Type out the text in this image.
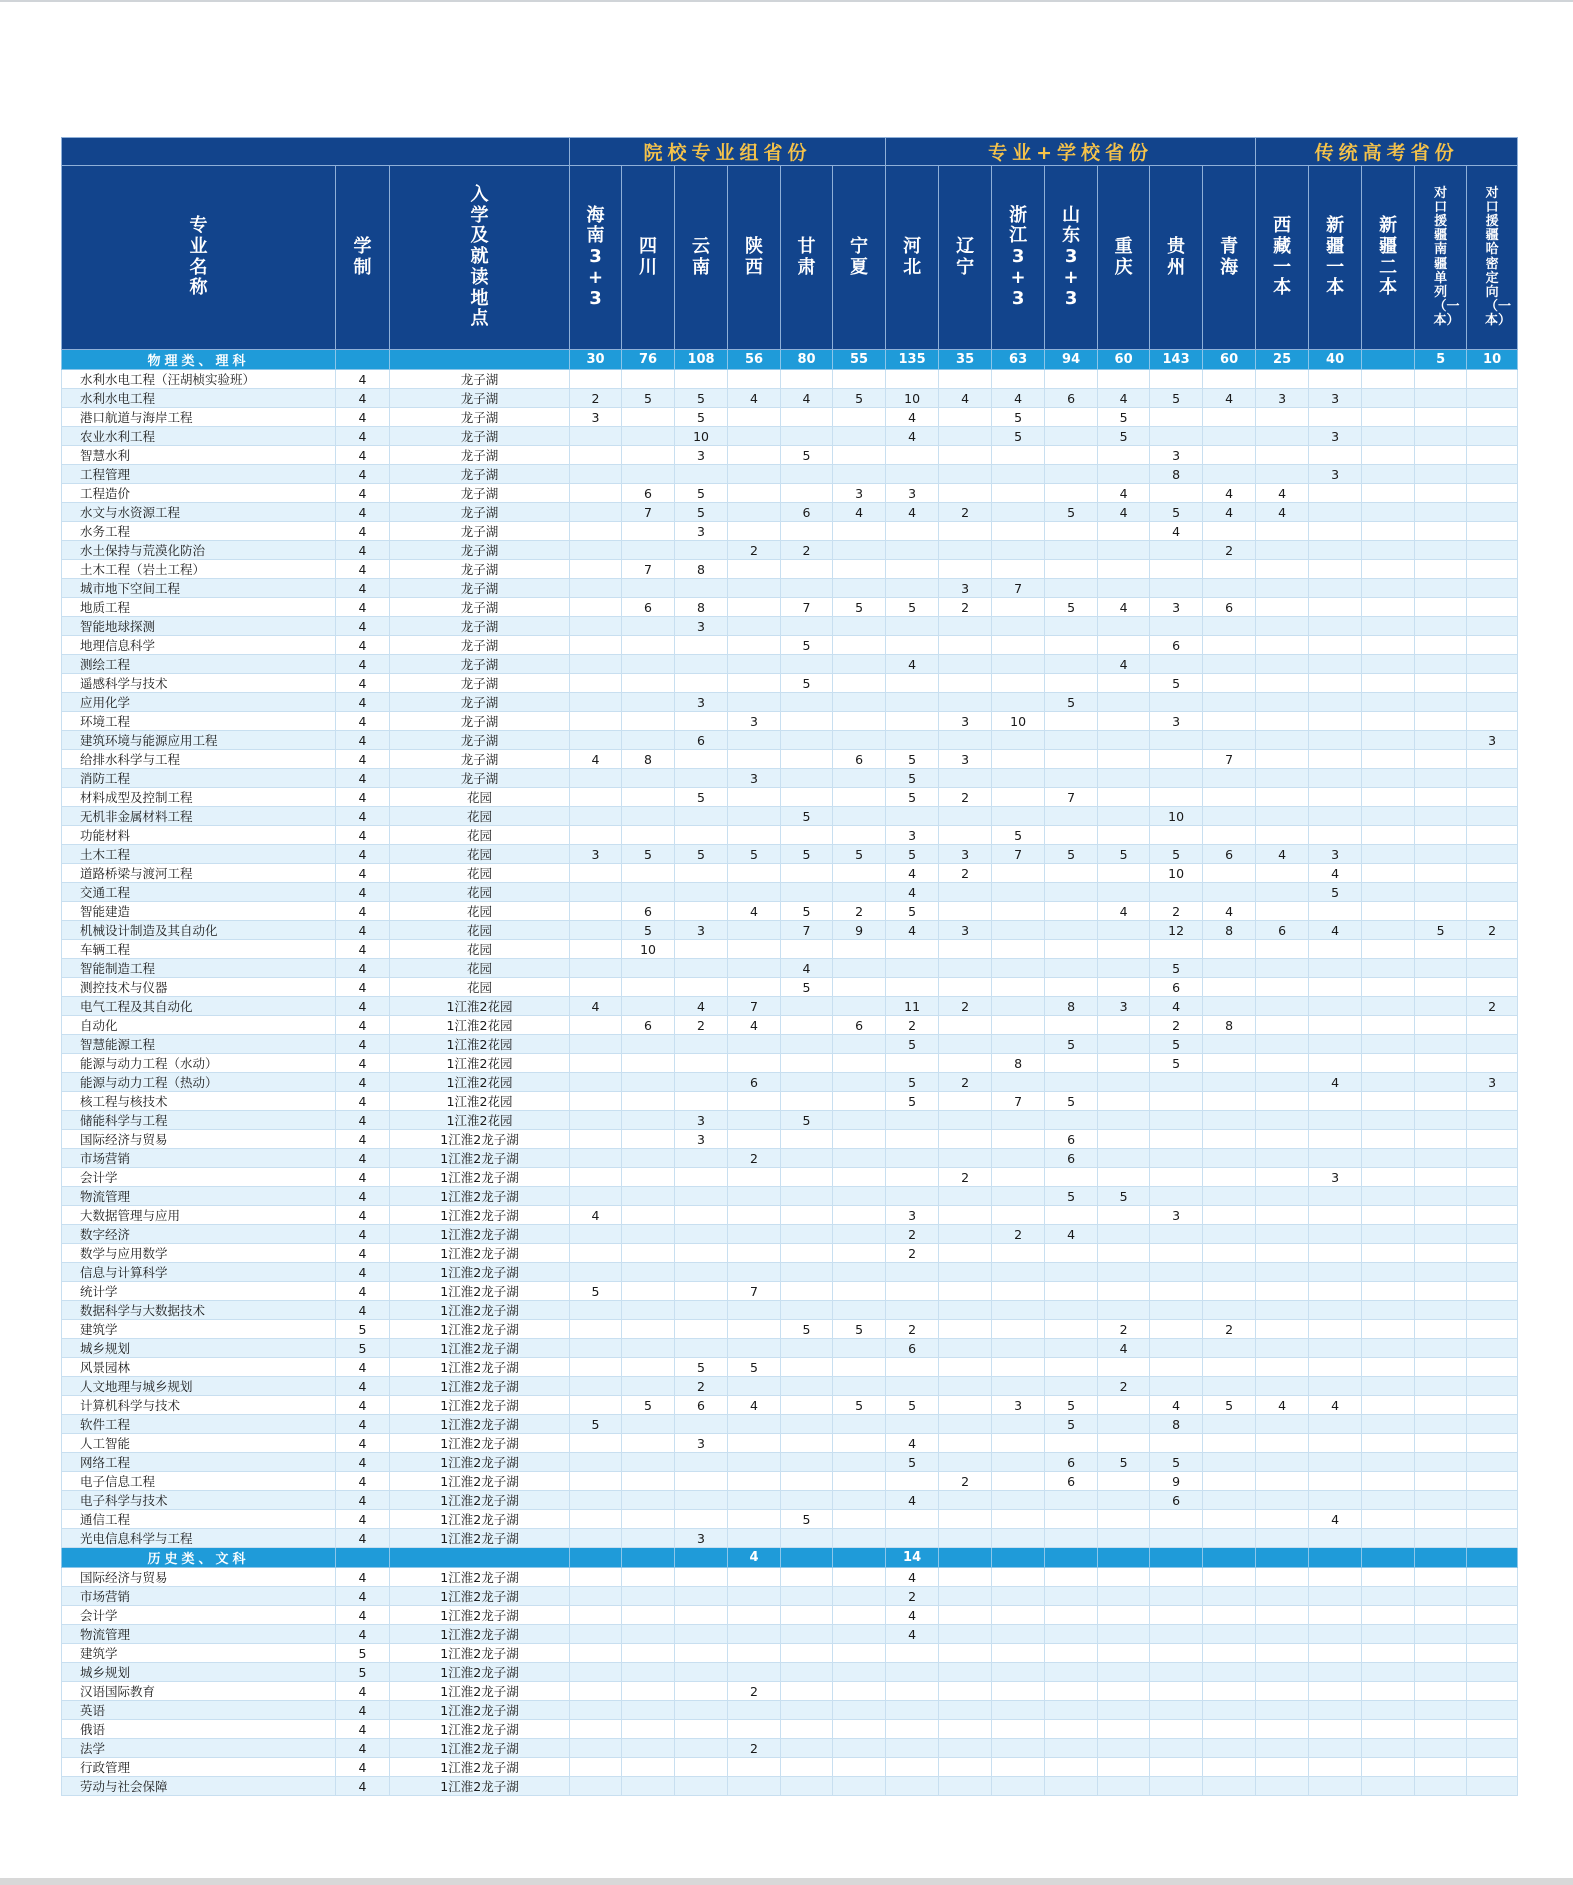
			院校专业组省份						专业+学校省份							传统高考省份				
专业名称	学制	入学及就读地点	海南3+3	四川	云南	陕西	甘肃	宁夏	河北	辽宁	浙江3+3	山东3+3	重庆	贵州	青海	西藏一本	新疆一本	新疆二本	对口援疆南疆单列（一本）	对口援疆哈密定向（一本）
物理类、理科			30	76	108	56	80	55	135	35	63	94	60	143	60	25	40		5	10
水利水电工程（汪胡桢实验班）	4	龙子湖																		
水利水电工程	4	龙子湖	2	5	5	4	4	5	10	4	4	6	4	5	4	3	3			
港口航道与海岸工程	4	龙子湖	3		5				4		5		5							
农业水利工程	4	龙子湖			10				4		5		5				3			
智慧水利	4	龙子湖			3		5							3						
工程管理	4	龙子湖												8			3			
工程造价	4	龙子湖		6	5			3	3				4		4	4				
水文与水资源工程	4	龙子湖		7	5		6	4	4	2		5	4	5	4	4				
水务工程	4	龙子湖			3									4						
水土保持与荒漠化防治	4	龙子湖				2	2								2					
土木工程（岩土工程）	4	龙子湖		7	8															
城市地下空间工程	4	龙子湖								3	7									
地质工程	4	龙子湖		6	8		7	5	5	2		5	4	3	6					
智能地球探测	4	龙子湖			3															
地理信息科学	4	龙子湖					5							6						
测绘工程	4	龙子湖							4				4							
遥感科学与技术	4	龙子湖					5							5						
应用化学	4	龙子湖			3							5								
环境工程	4	龙子湖				3				3	10			3						
建筑环境与能源应用工程	4	龙子湖			6															3
给排水科学与工程	4	龙子湖	4	8				6	5	3					7					
消防工程	4	龙子湖				3			5											
材料成型及控制工程	4	花园			5				5	2		7								
无机非金属材料工程	4	花园					5							10						
功能材料	4	花园							3		5									
土木工程	4	花园	3	5	5	5	5	5	5	3	7	5	5	5	6	4	3			
道路桥梁与渡河工程	4	花园							4	2				10			4			
交通工程	4	花园							4								5			
智能建造	4	花园		6		4	5	2	5				4	2	4					
机械设计制造及其自动化	4	花园		5	3		7	9	4	3				12	8	6	4		5	2
车辆工程	4	花园		10																
智能制造工程	4	花园					4							5						
测控技术与仪器	4	花园					5							6						
电气工程及其自动化	4	1江淮2花园	4		4	7			11	2		8	3	4						2
自动化	4	1江淮2花园		6	2	4		6	2					2	8					
智慧能源工程	4	1江淮2花园							5			5		5						
能源与动力工程（水动）	4	1江淮2花园									8			5						
能源与动力工程（热动）	4	1江淮2花园				6			5	2							4			3
核工程与核技术	4	1江淮2花园							5		7	5								
储能科学与工程	4	1江淮2花园			3		5													
国际经济与贸易	4	1江淮2龙子湖			3							6								
市场营销	4	1江淮2龙子湖				2						6								
会计学	4	1江淮2龙子湖								2							3			
物流管理	4	1江淮2龙子湖										5	5							
大数据管理与应用	4	1江淮2龙子湖	4						3					3						
数字经济	4	1江淮2龙子湖							2		2	4								
数学与应用数学	4	1江淮2龙子湖							2											
信息与计算科学	4	1江淮2龙子湖																		
统计学	4	1江淮2龙子湖	5			7														
数据科学与大数据技术	4	1江淮2龙子湖																		
建筑学	5	1江淮2龙子湖					5	5	2				2		2					
城乡规划	5	1江淮2龙子湖							6				4							
风景园林	4	1江淮2龙子湖			5	5														
人文地理与城乡规划	4	1江淮2龙子湖			2								2							
计算机科学与技术	4	1江淮2龙子湖		5	6	4		5	5		3	5		4	5	4	4			
软件工程	4	1江淮2龙子湖	5									5		8						
人工智能	4	1江淮2龙子湖			3				4											
网络工程	4	1江淮2龙子湖							5			6	5	5						
电子信息工程	4	1江淮2龙子湖								2		6		9						
电子科学与技术	4	1江淮2龙子湖							4					6						
通信工程	4	1江淮2龙子湖					5										4			
光电信息科学与工程	4	1江淮2龙子湖			3															
历史类、文科						4			14											
国际经济与贸易	4	1江淮2龙子湖							4											
市场营销	4	1江淮2龙子湖							2											
会计学	4	1江淮2龙子湖							4											
物流管理	4	1江淮2龙子湖							4											
建筑学	5	1江淮2龙子湖																		
城乡规划	5	1江淮2龙子湖																		
汉语国际教育	4	1江淮2龙子湖				2														
英语	4	1江淮2龙子湖																		
俄语	4	1江淮2龙子湖																		
法学	4	1江淮2龙子湖				2														
行政管理	4	1江淮2龙子湖																		
劳动与社会保障	4	1江淮2龙子湖																		
